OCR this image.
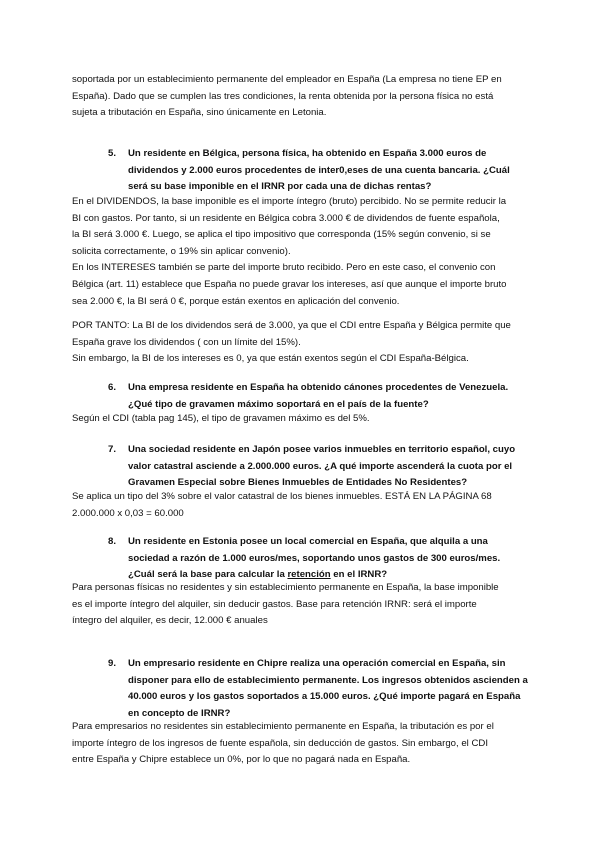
soportada por un establecimiento permanente del empleador en España (La empresa no tiene EP en
España). Dado que se cumplen las tres condiciones, la renta obtenida por la persona física no está
sujeta a tributación en España, sino únicamente en Letonia.
5. Un residente en Bélgica, persona física, ha obtenido en España 3.000 euros de
dividendos y 2.000 euros procedentes de inter0,eses de una cuenta bancaria. ¿Cuál
será su base imponible en el IRNR por cada una de dichas rentas?
En el DIVIDENDOS, la base imponible es el importe íntegro (bruto) percibido. No se permite reducir la
BI con gastos. Por tanto, si un residente en Bélgica cobra 3.000 € de dividendos de fuente española,
la BI será 3.000 €. Luego, se aplica el tipo impositivo que corresponda (15% según convenio, si se
solicita correctamente, o 19% sin aplicar convenio).
En los INTERESES también se parte del importe bruto recibido. Pero en este caso, el convenio con
Bélgica (art. 11) establece que España no puede gravar los intereses, así que aunque el importe bruto
sea 2.000 €, la BI será 0 €, porque están exentos en aplicación del convenio.
POR TANTO: La BI de los dividendos será de 3.000, ya que el CDI entre España y Bélgica permite que
España grave los dividendos ( con un límite del 15%).
Sin embargo, la BI de los intereses es 0, ya que están exentos según el CDI España-Bélgica.
6. Una empresa residente en España ha obtenido cánones procedentes de Venezuela.
¿Qué tipo de gravamen máximo soportará en el país de la fuente?
Según el CDI (tabla pag 145), el tipo de gravamen máximo es del 5%.
7. Una sociedad residente en Japón posee varios inmuebles en territorio español, cuyo
valor catastral asciende a 2.000.000 euros. ¿A qué importe ascenderá la cuota por el
Gravamen Especial sobre Bienes Inmuebles de Entidades No Residentes?
Se aplica un tipo del 3% sobre el valor catastral de los bienes inmuebles. ESTÁ EN LA PÁGINA 68
2.000.000 x 0,03 = 60.000
8. Un residente en Estonia posee un local comercial en España, que alquila a una
sociedad a razón de 1.000 euros/mes, soportando unos gastos de 300 euros/mes.
¿Cuál será la base para calcular la retención en el IRNR?
Para personas físicas no residentes y sin establecimiento permanente en España, la base imponible
es el importe íntegro del alquiler, sin deducir gastos. Base para retención IRNR: será el importe
íntegro del alquiler, es decir, 12.000 € anuales
9. Un empresario residente en Chipre realiza una operación comercial en España, sin
disponer para ello de establecimiento permanente. Los ingresos obtenidos ascienden a
40.000 euros y los gastos soportados a 15.000 euros. ¿Qué importe pagará en España
en concepto de IRNR?
Para empresarios no residentes sin establecimiento permanente en España, la tributación es por el
importe íntegro de los ingresos de fuente española, sin deducción de gastos. Sin embargo, el CDI
entre España y Chipre establece un 0%, por lo que no pagará nada en España.
